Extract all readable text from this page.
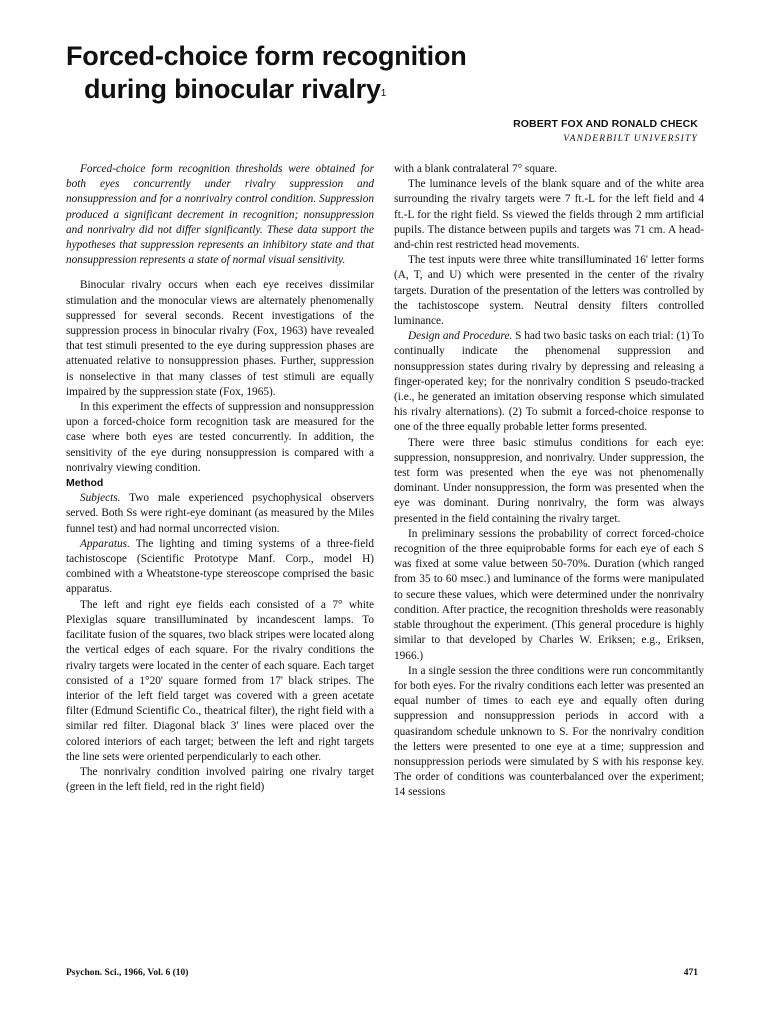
Forced-choice form recognition
during binocular rivalry$^1$
ROBERT FOX AND RONALD CHECK
VANDERBILT UNIVERSITY

Forced-choice form recognition thresholds were obtained for both eyes concurrently under rivalry suppression and nonsuppression and for a nonrivalry control condition. Suppression produced a significant decrement in recognition; nonsuppression and nonrivalry did not differ significantly. These data support the hypotheses that suppression represents an inhibitory state and that nonsuppression represents a state of normal visual sensitivity.

Binocular rivalry occurs when each eye receives dissimilar stimulation and the monocular views are alternately phenomenally suppressed for several seconds. Recent investigations of the suppression process in binocular rivalry (Fox, 1963) have revealed that test stimuli presented to the eye during suppression phases are attenuated relative to nonsuppression phases. Further, suppression is nonselective in that many classes of test stimuli are equally impaired by the suppression state (Fox, 1965).

In this experiment the effects of suppression and nonsuppression upon a forced-choice form recognition task are measured for the case where both eyes are tested concurrently. In addition, the sensitivity of the eye during nonsuppression is compared with a nonrivalry viewing condition.

Method

Subjects. Two male experienced psychophysical observers served. Both Ss were right-eye dominant (as measured by the Miles funnel test) and had normal uncorrected vision.

Apparatus. The lighting and timing systems of a three-field tachistoscope (Scientific Prototype Manf. Corp., model H) combined with a Wheatstone-type stereoscope comprised the basic apparatus.

The left and right eye fields each consisted of a 7° white Plexiglas square transilluminated by incandescent lamps. To facilitate fusion of the squares, two black stripes were located along the vertical edges of each square. For the rivalry conditions the rivalry targets were located in the center of each square. Each target consisted of a 1°20' square formed from 17' black stripes. The interior of the left field target was covered with a green acetate filter (Edmund Scientific Co., theatrical filter), the right field with a similar red filter. Diagonal black 3' lines were placed over the colored interiors of each target; between the left and right targets the line sets were oriented perpendicularly to each other.

The nonrivalry condition involved pairing one rivalry target (green in the left field, red in the right field)

with a blank contralateral 7° square.

The luminance levels of the blank square and of the white area surrounding the rivalry targets were 7 ft.-L for the left field and 4 ft.-L for the right field. Ss viewed the fields through 2 mm artificial pupils. The distance between pupils and targets was 71 cm. A head-and-chin rest restricted head movements.

The test inputs were three white transilluminated 16' letter forms (A, T, and U) which were presented in the center of the rivalry targets. Duration of the presentation of the letters was controlled by the tachistoscope system. Neutral density filters controlled luminance.

Design and Procedure. S had two basic tasks on each trial: (1) To continually indicate the phenomenal suppression and nonsuppression states during rivalry by depressing and releasing a finger-operated key; for the nonrivalry condition S pseudo-tracked (i.e., he generated an imitation observing response which simulated his rivalry alternations). (2) To submit a forced-choice response to one of the three equally probable letter forms presented.

There were three basic stimulus conditions for each eye: suppression, nonsuppresion, and nonrivalry. Under suppression, the test form was presented when the eye was not phenomenally dominant. Under nonsuppression, the form was presented when the eye was dominant. During nonrivalry, the form was always presented in the field containing the rivalry target.

In preliminary sessions the probability of correct forced-choice recognition of the three equiprobable forms for each eye of each S was fixed at some value between 50-70%. Duration (which ranged from 35 to 60 msec.) and luminance of the forms were manipulated to secure these values, which were determined under the nonrivalry condition. After practice, the recognition thresholds were reasonably stable throughout the experiment. (This general procedure is highly similar to that developed by Charles W. Eriksen; e.g., Eriksen, 1966.)

In a single session the three conditions were run concommitantly for both eyes. For the rivalry conditions each letter was presented an equal number of times to each eye and equally often during suppression and nonsuppression periods in accord with a quasirandom schedule unknown to S. For the nonrivalry condition the letters were presented to one eye at a time; suppression and nonsuppression periods were simulated by S with his response key. The order of conditions was counterbalanced over the experiment; 14 sessions

Psychon. Sci., 1966, Vol. 6 (10)	471
